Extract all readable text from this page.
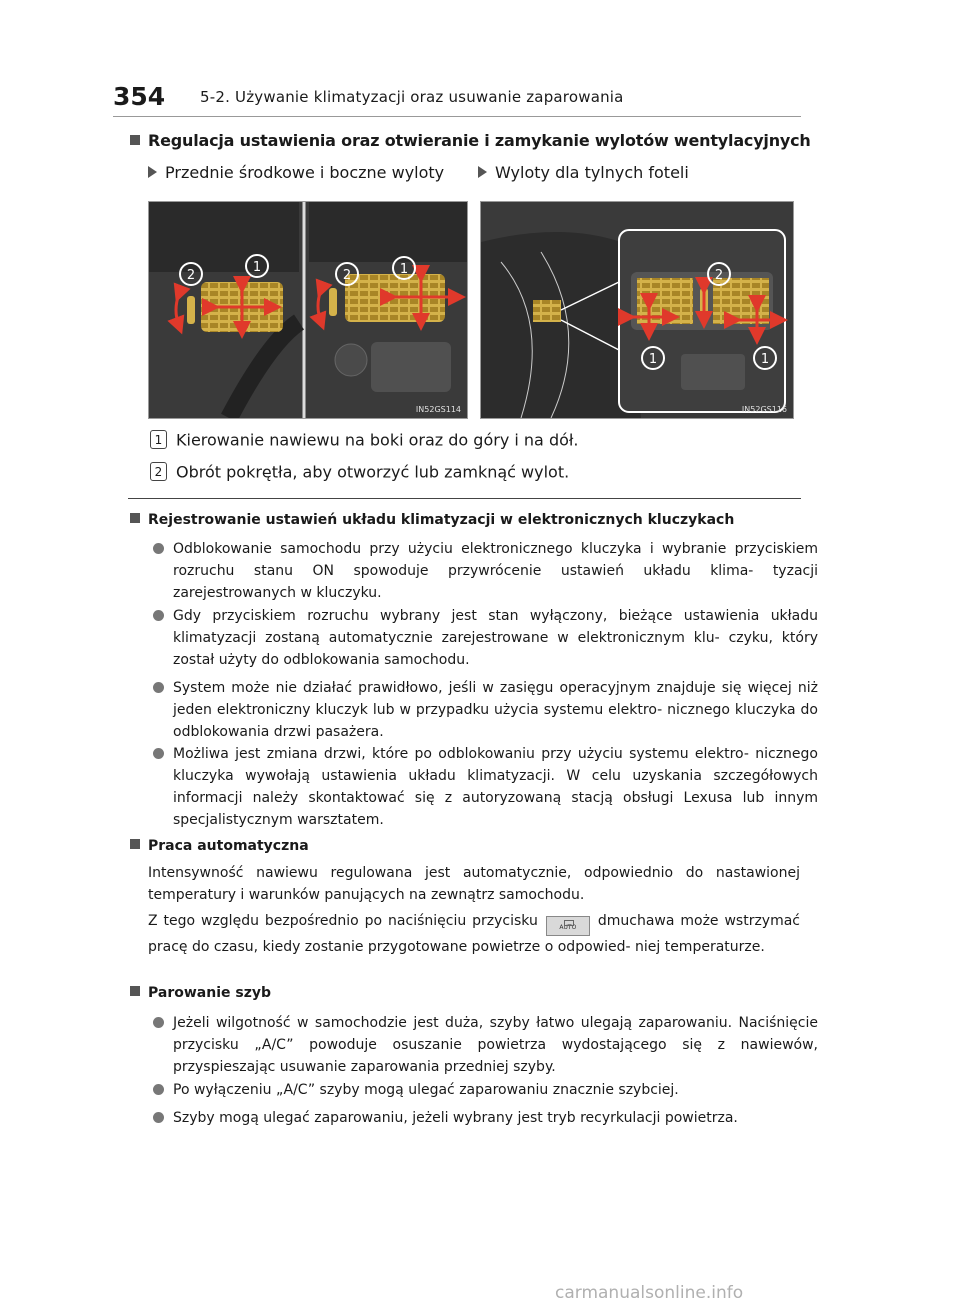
354 5-2. Używanie klimatyzacji oraz usuwanie zaparowania
Regulacja ustawienia oraz otwieranie i zamykanie wylotów wentylacyjnych
Przednie środkowe i boczne wyloty	Wyloty dla tylnych foteli
2
1
2	1
IN52GS114
2
1	1
IN52GS116
1 Kierowanie nawiewu na boki oraz do góry i na dół.
2 Obrót pokrętła, aby otworzyć lub zamknąć wylot.
Rejestrowanie ustawień układu klimatyzacji w elektronicznych kluczykach
Odblokowanie samochodu przy użyciu elektronicznego kluczyka i wybranie przyciskiem rozruchu stanu ON spowoduje przywrócenie ustawień układu klima- tyzacji zarejestrowanych w kluczyku.
Gdy przyciskiem rozruchu wybrany jest stan wyłączony, bieżące ustawienia układu klimatyzacji zostaną automatycznie zarejestrowane w elektronicznym klu- czyku, który został użyty do odblokowania samochodu.
System może nie działać prawidłowo, jeśli w zasięgu operacyjnym znajduje się więcej niż jeden elektroniczny kluczyk lub w przypadku użycia systemu elektro- nicznego kluczyka do odblokowania drzwi pasażera.
Możliwa jest zmiana drzwi, które po odblokowaniu przy użyciu systemu elektro- nicznego kluczyka wywołają ustawienia układu klimatyzacji. W celu uzyskania szczegółowych informacji należy skontaktować się z autoryzowaną stacją obsługi Lexusa lub innym specjalistycznym warsztatem.
Praca automatyczna
Intensywność nawiewu regulowana jest automatycznie, odpowiednio do nastawionej temperatury i warunków panujących na zewnątrz samochodu.
Z tego względu bezpośrednio po naciśnięciu przycisku	AUTO dmuchawa może wstrzymać pracę do czasu, kiedy zostanie przygotowane powietrze o odpowied- niej temperaturze.
Parowanie szyb
Jeżeli wilgotność w samochodzie jest duża, szyby łatwo ulegają zaparowaniu. Naciśnięcie przycisku „A/C” powoduje osuszanie powietrza wydostającego się z nawiewów, przyspieszając usuwanie zaparowania przedniej szyby.
Po wyłączeniu „A/C” szyby mogą ulegać zaparowaniu znacznie szybciej.
Szyby mogą ulegać zaparowaniu, jeżeli wybrany jest tryb recyrkulacji powietrza.
carmanualsonline.info
